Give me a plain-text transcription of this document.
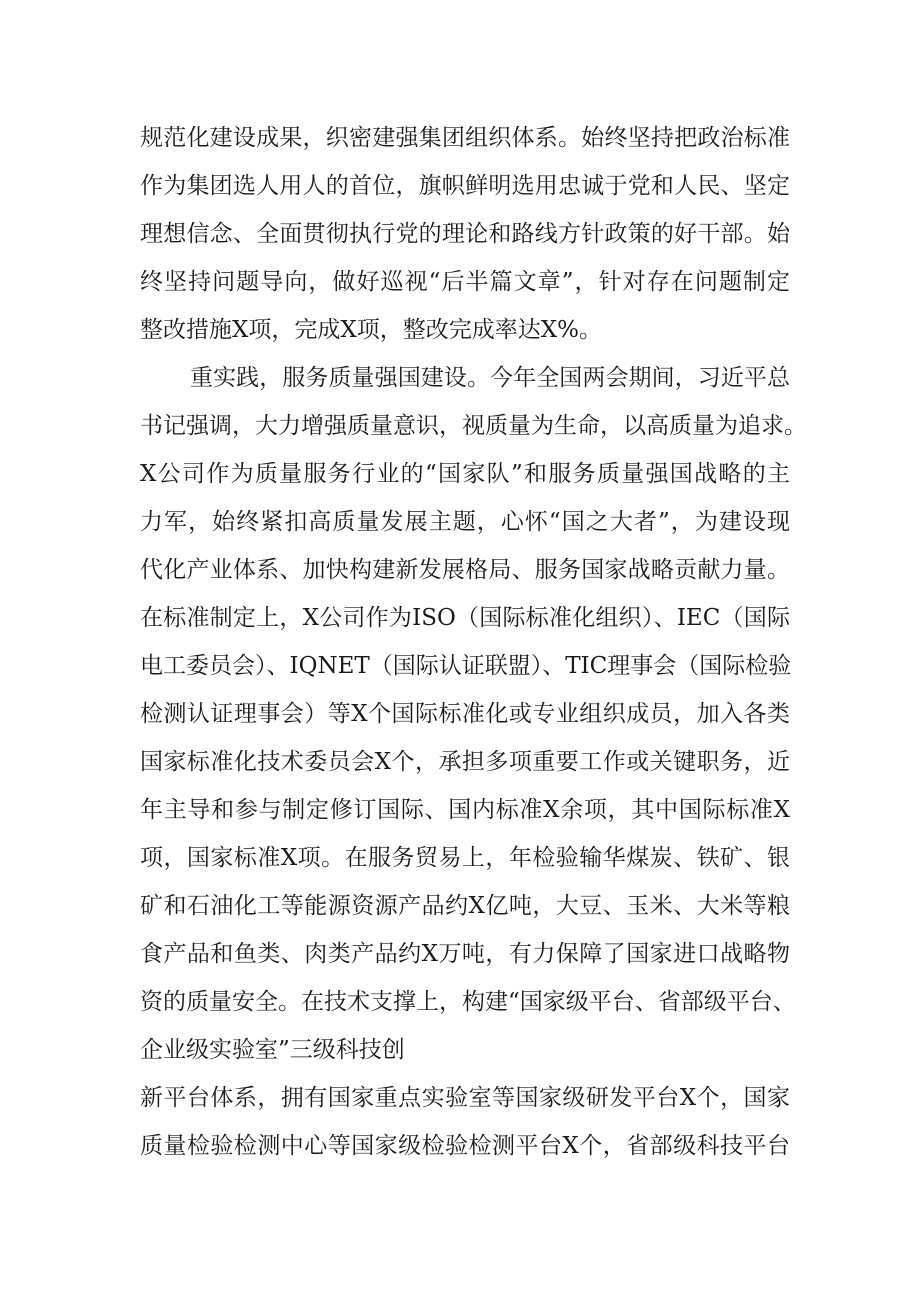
规范化建设成果，织密建强集团组织体系。始终坚持把政治标准
作为集团选人用人的首位，旗帜鲜明选用忠诚于党和人民、坚定
理想信念、全面贯彻执行党的理论和路线方针政策的好干部。始
终坚持问题导向，做好巡视“后半篇文章”，针对存在问题制定
整改措施X项，完成X项，整改完成率达X%。
重实践，服务质量强国建设。今年全国两会期间，习近平总
书记强调，大力增强质量意识，视质量为生命，以高质量为追求。
X公司作为质量服务行业的“国家队”和服务质量强国战略的主
力军，始终紧扣高质量发展主题，心怀“国之大者”，为建设现
代化产业体系、加快构建新发展格局、服务国家战略贡献力量。
在标准制定上，X公司作为ISO（国际标准化组织）、IEC（国际
电工委员会）、IQNET（国际认证联盟）、TIC理事会（国际检验
检测认证理事会）等X个国际标准化或专业组织成员，加入各类
国家标准化技术委员会X个，承担多项重要工作或关键职务，近
年主导和参与制定修订国际、国内标准X余项，其中国际标准X
项，国家标准X项。在服务贸易上，年检验输华煤炭、铁矿、银
矿和石油化工等能源资源产品约X亿吨，大豆、玉米、大米等粮
食产品和鱼类、肉类产品约X万吨，有力保障了国家进口战略物
资的质量安全。在技术支撑上，构建“国家级平台、省部级平台、
企业级实验室”三级科技创
新平台体系，拥有国家重点实验室等国家级研发平台X个，国家
质量检验检测中心等国家级检验检测平台X个，省部级科技平台
